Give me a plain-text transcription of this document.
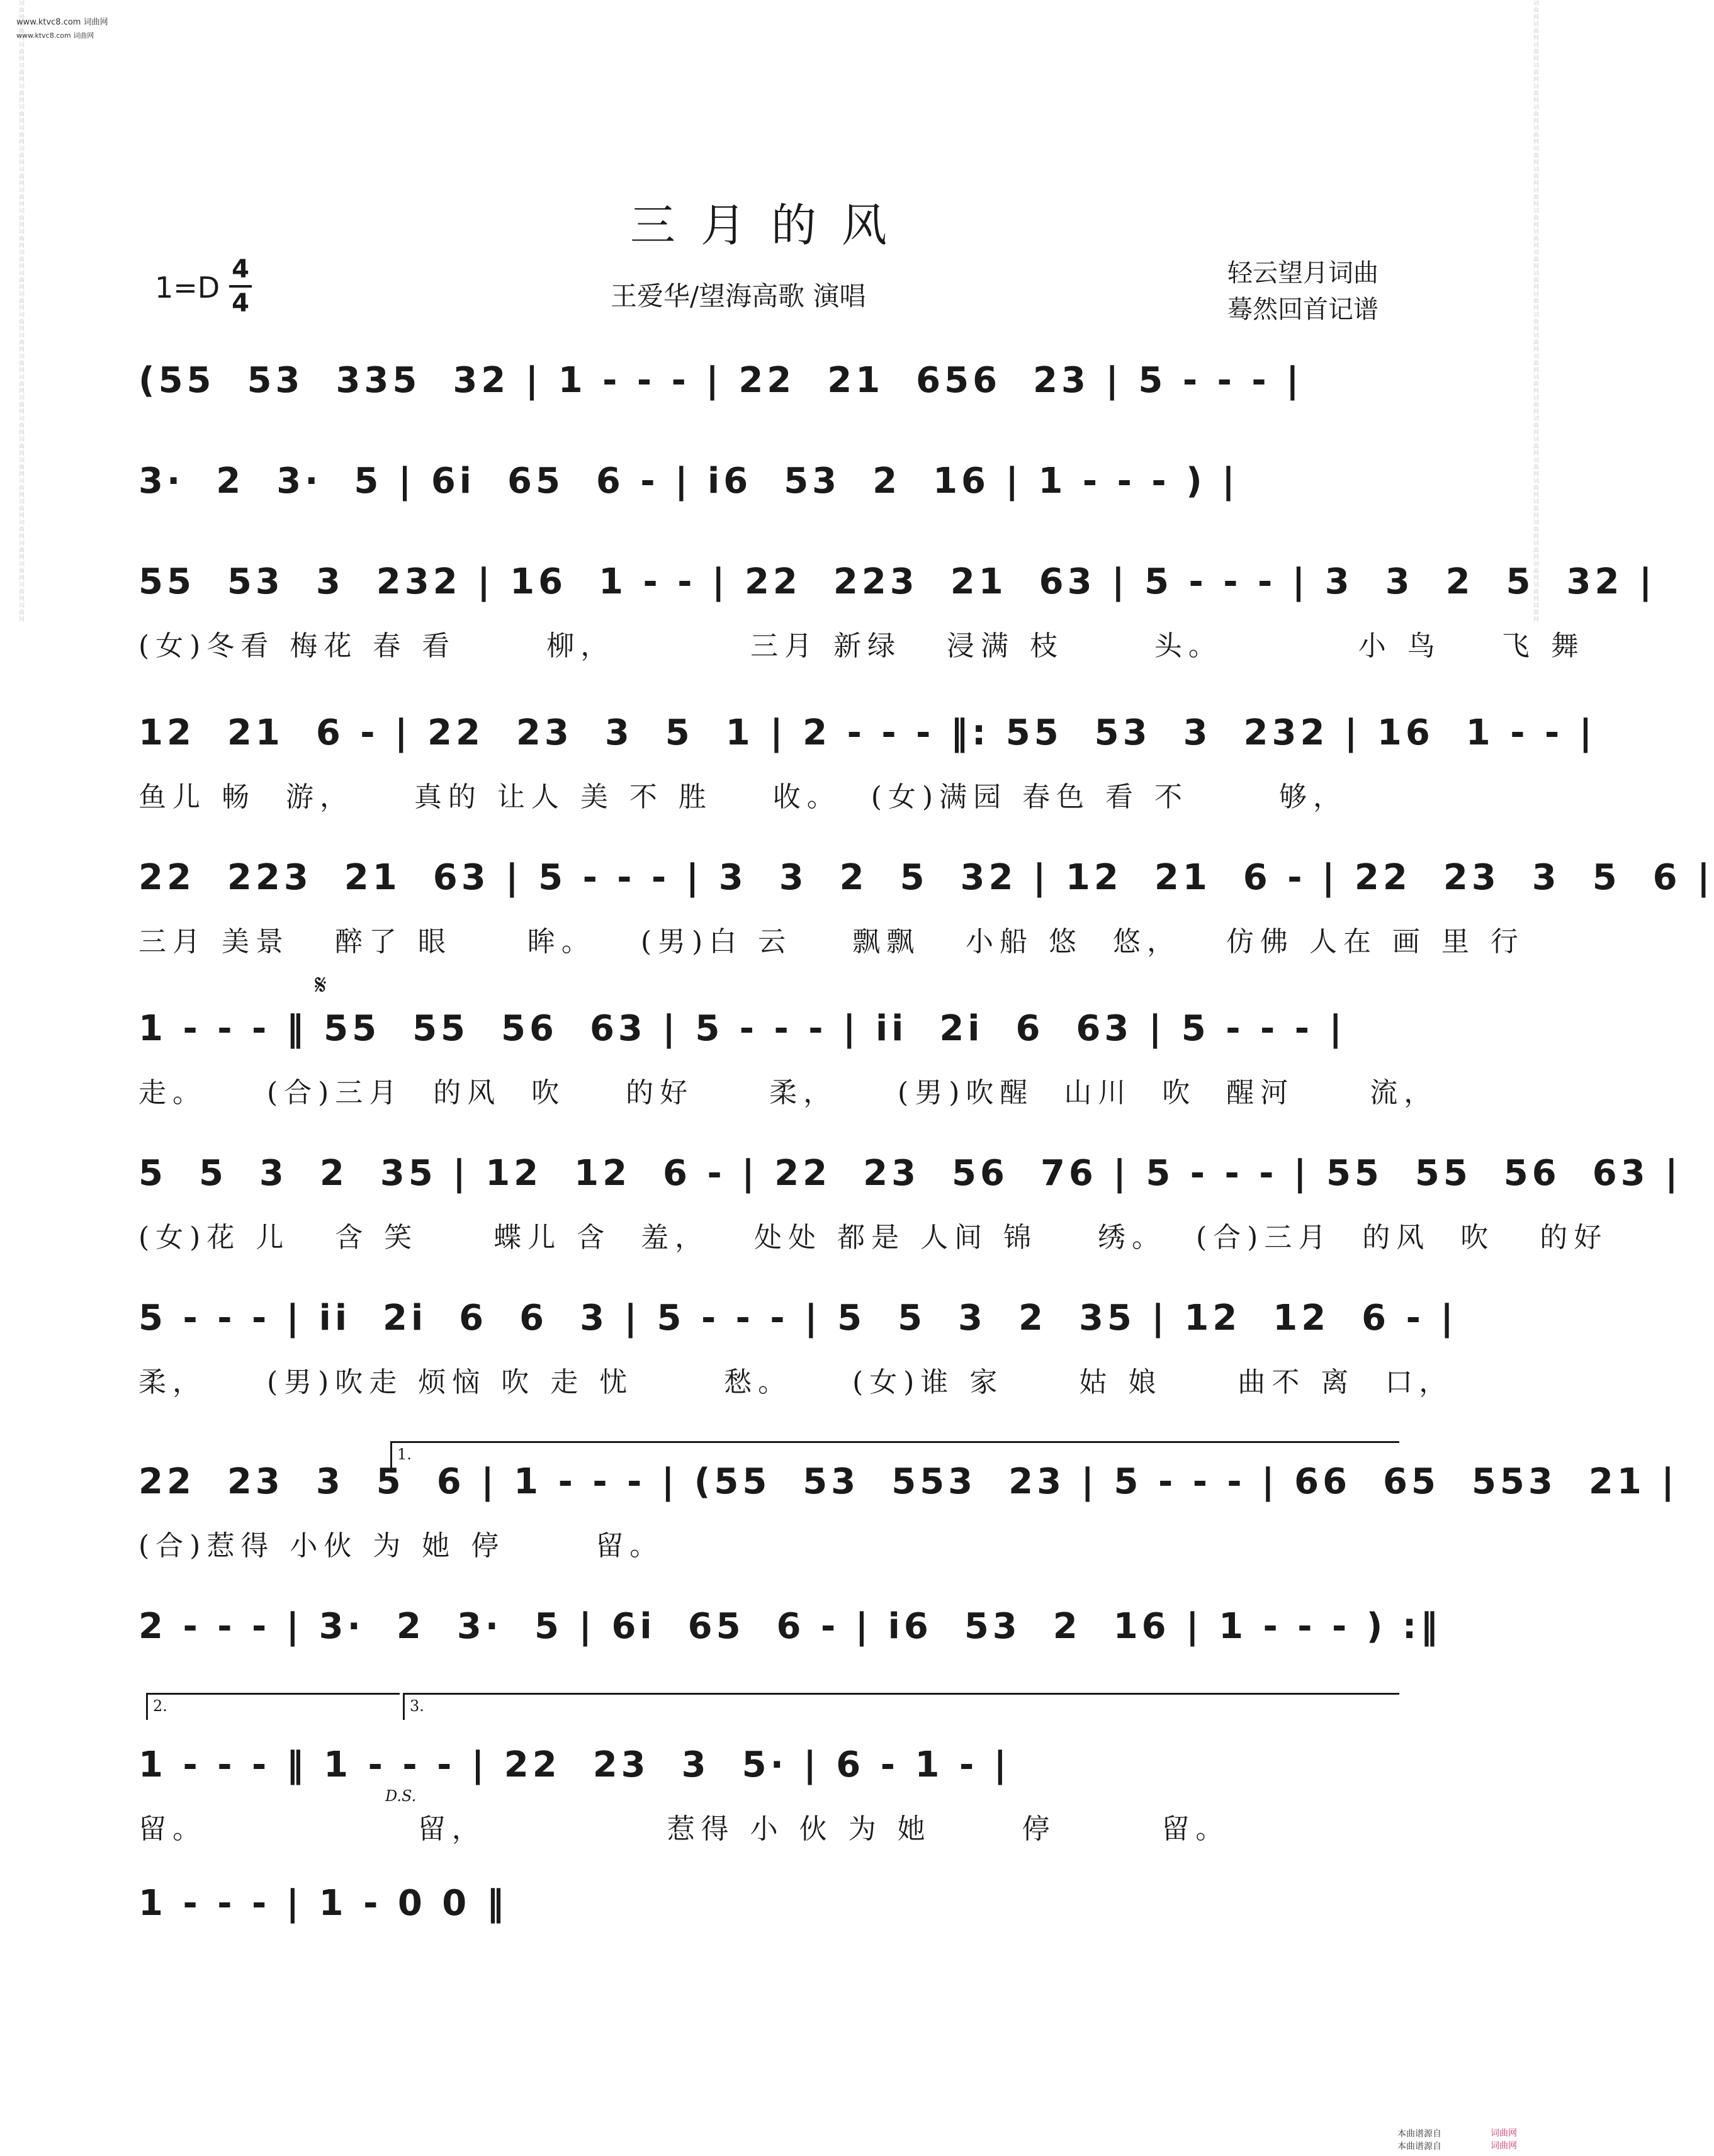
词曲网词曲网词曲网词曲网词曲网词曲网词曲网词曲网词曲网词曲网词曲网词曲网词曲网词曲网词曲网词曲网词曲网词曲网词曲网词曲网词曲网词曲网词曲网词曲网词曲网词曲网词曲网词曲网词曲网词曲网	词曲网词曲网词曲网词曲网词曲网词曲网词曲网词曲网词曲网词曲网词曲网词曲网词曲网词曲网词曲网词曲网词曲网词曲网词曲网词曲网词曲网词曲网词曲网词曲网词曲网词曲网词曲网词曲网词曲网词曲网
www.ktvc8.com 词曲网
www.ktvc8.com 词曲网
三月的风
1=D
4
4	王爱华/望海高歌 演唱
轻云望月词曲
蓦然回首记谱
(55  53  335  32 | 1 - - - | 22  21  656  23 | 5 - - - |
3·  2  3·  5 | 6i  65  6 - | i6  53  2  16 | 1 - - - ) |
55  53  3  232 | 16  1 - - | 22  223  21  63 | 5 - - - | 3  3  2  5  32 |
(女)冬看 梅花 春 看      柳，         三月 新绿   浸满 枝      头。         小 鸟    飞 舞
12  21  6 - | 22  23  3  5  1 | 2 - - - ‖: 55  53  3  232 | 16  1 - - |
鱼儿 畅  游，    真的 让人 美 不 胜    收。  (女)满园 春色 看 不      够，
22  223  21  63 | 5 - - - | 3  3  2  5  32 | 12  21  6 - | 22  23  3  5  6 |
三月 美景   醉了 眼     眸。   (男)白 云    飘飘   小船 悠  悠，   仿佛 人在 画 里 行
1 - - - ‖ 55  55  56  63 | 5 - - - | ii  2i  6  63 | 5 - - - |
走。    (合)三月  的风  吹    的好     柔，    (男)吹醒  山川  吹  醒河     流，
5  5  3  2  35 | 12  12  6 - | 22  23  56  76 | 5 - - - | 55  55  56  63 |
(女)花 儿   含 笑     蝶儿 含  羞，   处处 都是 人间 锦    绣。  (合)三月  的风  吹   的好
5 - - - | ii  2i  6  6  3 | 5 - - - | 5  5  3  2  35 | 12  12  6 - |
柔，    (男)吹走 烦恼 吹 走 忧      愁。    (女)谁 家     姑 娘     曲不 离  口，
22  23  3  5  6 | 1 - - - | (55  53  553  23 | 5 - - - | 66  65  553  21 |
(合)惹得 小伙 为 她 停      留。
2 - - - | 3·  2  3·  5 | 6i  65  6 - | i6  53  2  16 | 1 - - - ) :‖
1 - - - ‖ 1 - - - | 22  23  3  5· | 6 - 1 - |
留。              留，            惹得 小 伙 为 她      停       留。
1 - - - | 1 - 0 0 ‖
1.
2.	3.
D.S.
𝄋
本曲谱源自
本曲谱源自
词曲网
词曲网
